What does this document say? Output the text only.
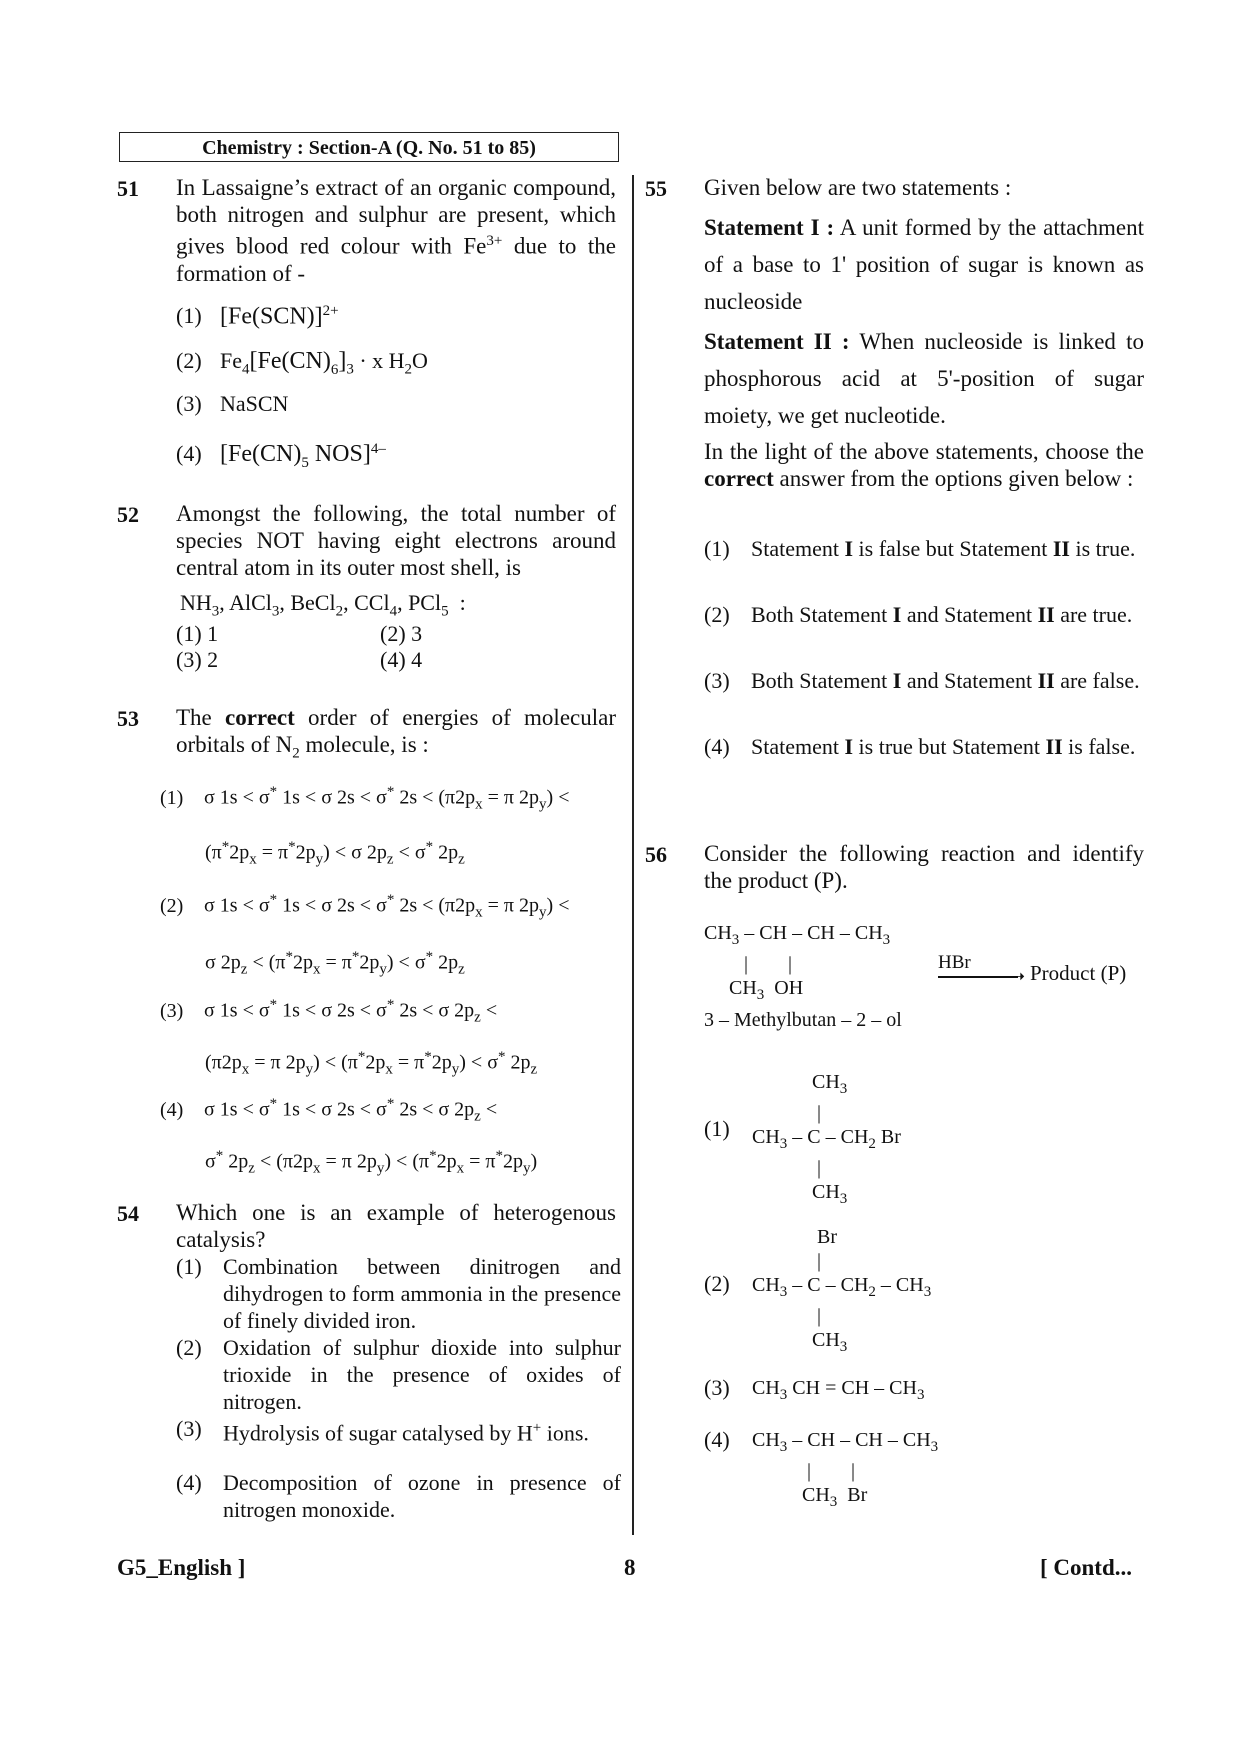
Chemistry : Section-A (Q. No. 51 to 85)
51 In Lassaigne’s extract of an organic compound, both nitrogen and sulphur are present, which gives blood red colour with $Fe^{3+}$ due to the formation of -
(1) $[Fe(SCN)]^{2+}$
(2) $Fe_4[Fe(CN)_6]_3 \cdot x$ $H_2O$
(3) NaSCN
(4) [$Fe(CN)_5$ NOS]$^{4-}$
52 Amongst the following, the total number of species NOT having eight electrons around central atom in its outer most shell, is
$NH_3$, AlCl$_3$, BeCl$_2$, CCl$_4$, PCl$_5$  :
(1) 1	(2) 3
(3) 2	(4) 4
53 The correct order of energies of molecular orbitals of $N_2$ molecule, is :
(1) σ 1s < σ* 1s < σ 2s < σ* $2s < (\pi 2p_x = \pi$ $2p_y$) <
$(\pi^*2p_x = \pi^*2p_y) < \sigma$ $2p_z < \sigma^*$ $2p_z$
(2) σ 1s < σ* 1s < σ 2s < σ* $2s < (\pi 2p_x = \pi$ $2p_y$) <
σ $2p_z < (\pi^*2p_x = \pi^*2p_y) < \sigma^*$ $2p_z$
(3) σ 1s < σ* 1s < σ 2s < σ* 2s < σ $2p_z$ <
($\pi 2p_x = \pi$ $2p_y) < (\pi^*2p_x = \pi^*2p_y) < \sigma^*$ $2p_z$
(4) σ 1s < σ* 1s < σ 2s < σ* 2s < σ $2p_z$ <
σ* $2p_z < (\pi 2p_x = \pi$ $2p_y) < (\pi^*2p_x = \pi^*2p_y)$
54 Which one is an example of heterogenous catalysis?
(1) Combination between dinitrogen and dihydrogen to form ammonia in the presence of finely divided iron.
(2) Oxidation of sulphur dioxide into sulphur trioxide in the presence of oxides of nitrogen.
(3) Hydrolysis of sugar catalysed by H+ ions.
(4) Decomposition of ozone in presence of nitrogen monoxide.
55 Given below are two statements :
Statement I : A unit formed by the attachment of a base to 1' position of sugar is known as nucleoside
Statement II : When nucleoside is linked to phosphorous acid at 5'-position of sugar moiety, we get nucleotide.
In the light of the above statements, choose the correct answer from the options given below :
(1) Statement I is false but Statement II is true.
(2) Both Statement I and Statement II are true.
(3) Both Statement I and Statement II are false.
(4) Statement I is true but Statement II is false.
56 Consider the following reaction and identify the product (P).
$CH_3$ – CH – CH – $CH_3$
|        |
$CH_3$  OH
HBr
➝ Product (P)
3 – Methylbutan – 2 – ol
(1)
$CH_3$
|
$CH_3$ – C – $CH_2$ Br
|
$CH_3$
(2)
Br
|
$CH_3$ – C – $CH_2 - CH_3$
|
$CH_3$
(3) $CH_3$ CH = CH – $CH_3$
(4) $CH_3$ – CH – CH – $CH_3$
|        |
$CH_3$  Br
G5_English ]	8	[ Contd...
